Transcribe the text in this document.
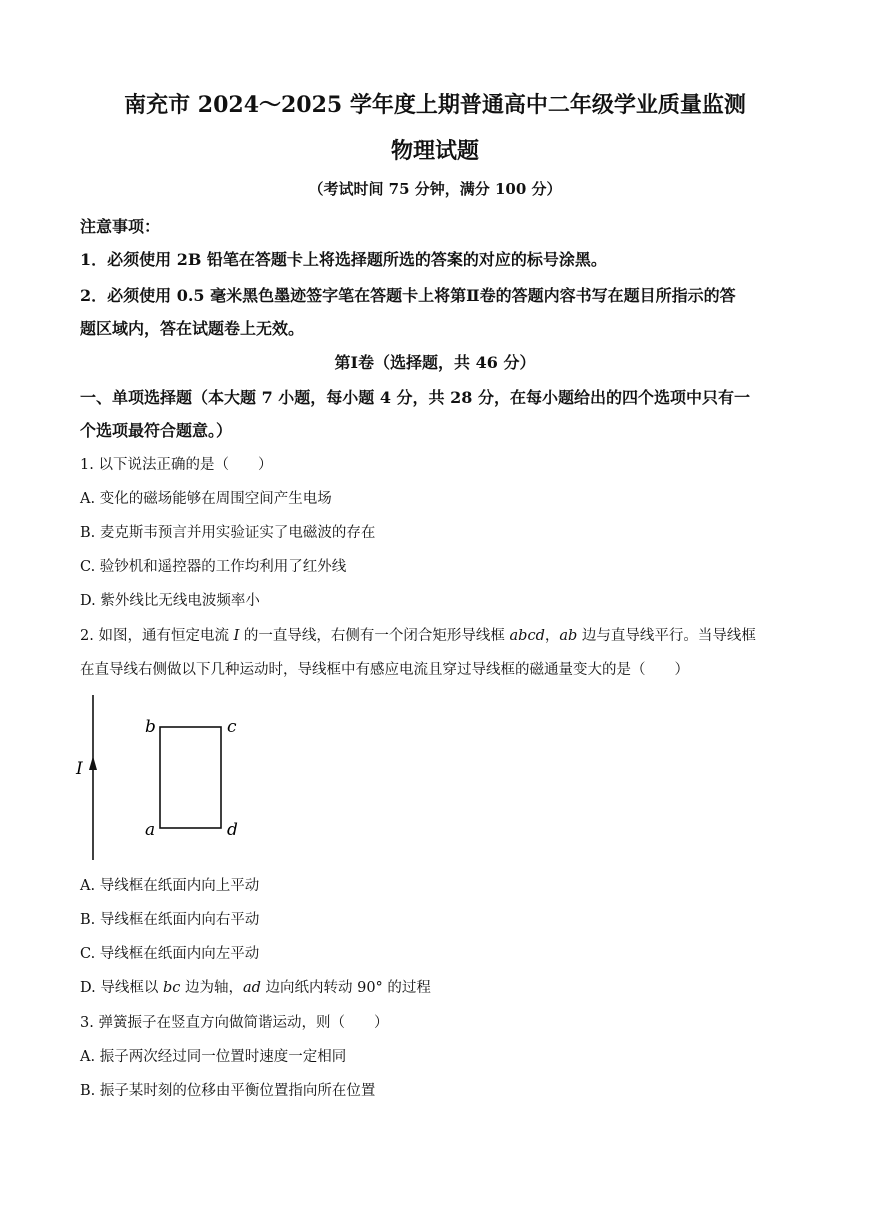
南充市 2024～2025 学年度上期普通高中二年级学业质量监测
物理试题
（考试时间 75 分钟，满分 100 分）
注意事项：
1．必须使用 2B 铅笔在答题卡上将选择题所选的答案的对应的标号涂黑。
2．必须使用 0.5 毫米黑色墨迹签字笔在答题卡上将第Ⅱ卷的答题内容书写在题目所指示的答
题区域内，答在试题卷上无效。
第Ⅰ卷（选择题，共 46 分）
一、单项选择题（本大题 7 小题，每小题 4 分，共 28 分，在每小题给出的四个选项中只有一
个选项最符合题意。）
1. 以下说法正确的是（　　）
A. 变化的磁场能够在周围空间产生电场
B. 麦克斯韦预言并用实验证实了电磁波的存在
C. 验钞机和遥控器的工作均利用了红外线
D. 紫外线比无线电波频率小
2. 如图，通有恒定电流 I 的一直导线，右侧有一个闭合矩形导线框 abcd，ab 边与直导线平行。当导线框
在直导线右侧做以下几种运动时，导线框中有感应电流且穿过导线框的磁通量变大的是（　　）
I
b	c
a	d
A. 导线框在纸面内向上平动
B. 导线框在纸面内向右平动
C. 导线框在纸面内向左平动
D. 导线框以 bc 边为轴，ad 边向纸内转动 90° 的过程
3. 弹簧振子在竖直方向做简谐运动，则（　　）
A. 振子两次经过同一位置时速度一定相同
B. 振子某时刻的位移由平衡位置指向所在位置
